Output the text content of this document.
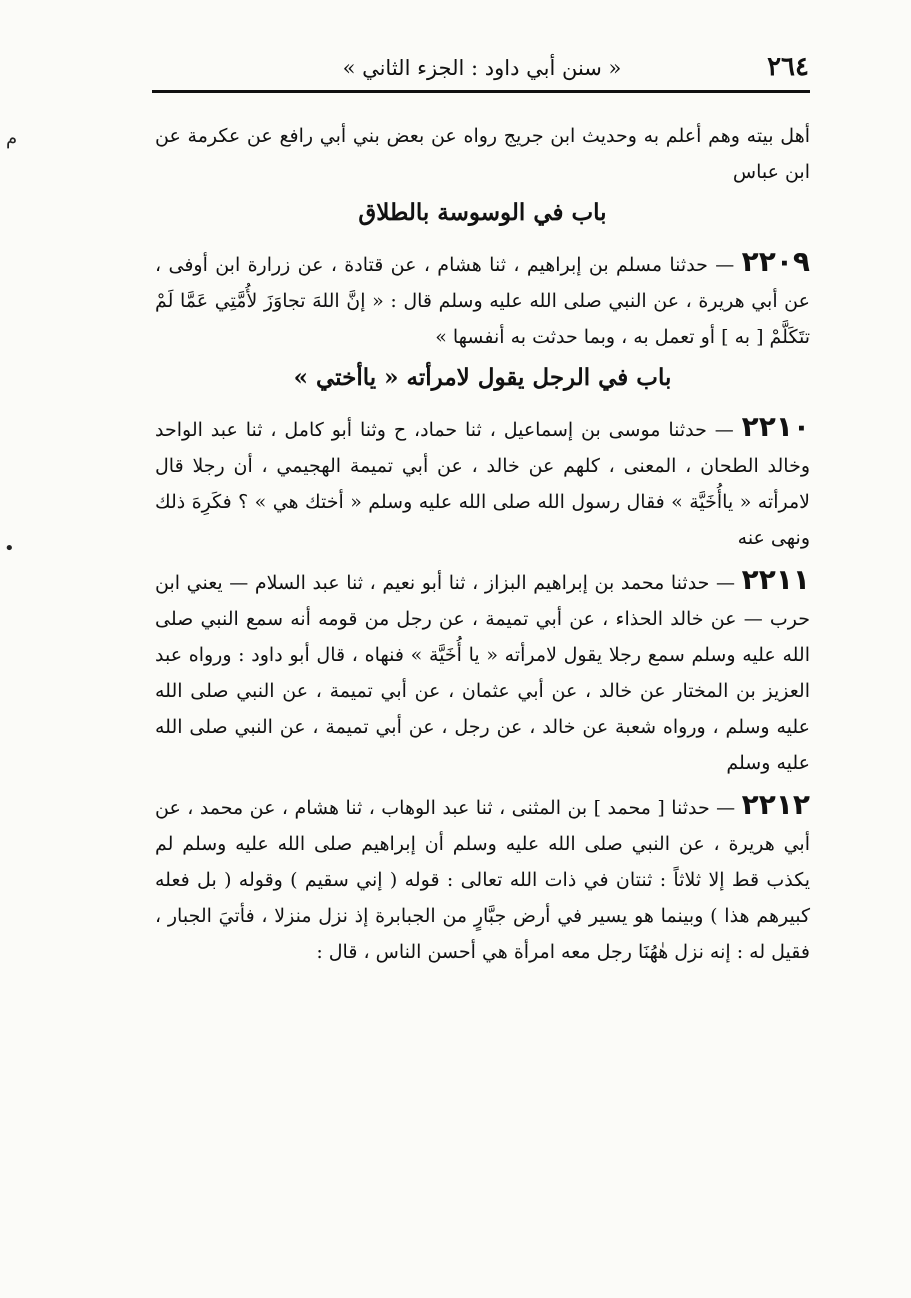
٢٦٤
« سنن أبي داود : الجزء الثاني »
م
•

أهل بيته وهم أعلم به وحديث ابن جريج رواه عن بعض بني أبي رافع عن عكرمة عن ابن عباس

باب في الوسوسة بالطلاق

٢٢٠٩ — حدثنا مسلم بن إبراهيم ، ثنا هشام ، عن قتادة ، عن زرارة ابن أوفى ، عن أبي هريرة ، عن النبي صلى الله عليه وسلم قال : « إنَّ اللهَ تجاوَزَ لأُمَّتِي عَمَّا لَمْ تتَكَلَّمْ [ به ] أو تعمل به ، وبما حدثت به أنفسها »

باب في الرجل يقول لامرأته « ياأختي »

٢٢١٠ — حدثنا موسى بن إسماعيل ، ثنا حماد، ح وثنا أبو كامل ، ثنا عبد الواحد وخالد الطحان ، المعنى ، كلهم عن خالد ، عن أبي تميمة الهجيمي ، أن رجلا قال لامرأته « ياأُخَيَّة » فقال رسول الله صلى الله عليه وسلم « أختك هي » ؟ فكَرِهَ ذلك ونهى عنه

٢٢١١ — حدثنا محمد بن إبراهيم البزاز ، ثنا أبو نعيم ، ثنا عبد السلام — يعني ابن حرب — عن خالد الحذاء ، عن أبي تميمة ، عن رجل من قومه أنه سمع النبي صلى الله عليه وسلم سمع رجلا يقول لامرأته « يا أُخَيَّة » فنهاه ، قال أبو داود : ورواه عبد العزيز بن المختار عن خالد ، عن أبي عثمان ، عن أبي تميمة ، عن النبي صلى الله عليه وسلم ، ورواه شعبة عن خالد ، عن رجل ، عن أبي تميمة ، عن النبي صلى الله عليه وسلم

٢٢١٢ — حدثنا [ محمد ] بن المثنى ، ثنا عبد الوهاب ، ثنا هشام ، عن محمد ، عن أبي هريرة ، عن النبي صلى الله عليه وسلم أن إبراهيم صلى الله عليه وسلم لم يكذب قط إلا ثلاثاً : ثنتان في ذات الله تعالى : قوله ( إني سقيم ) وقوله ( بل فعله كبيرهم هذا ) وبينما هو يسير في أرض جبَّارٍ من الجبابرة إذ نزل منزلا ، فأتيَ الجبار ، فقيل له : إنه نزل هٰهُنَا رجل معه امرأة هي أحسن الناس ، قال :
